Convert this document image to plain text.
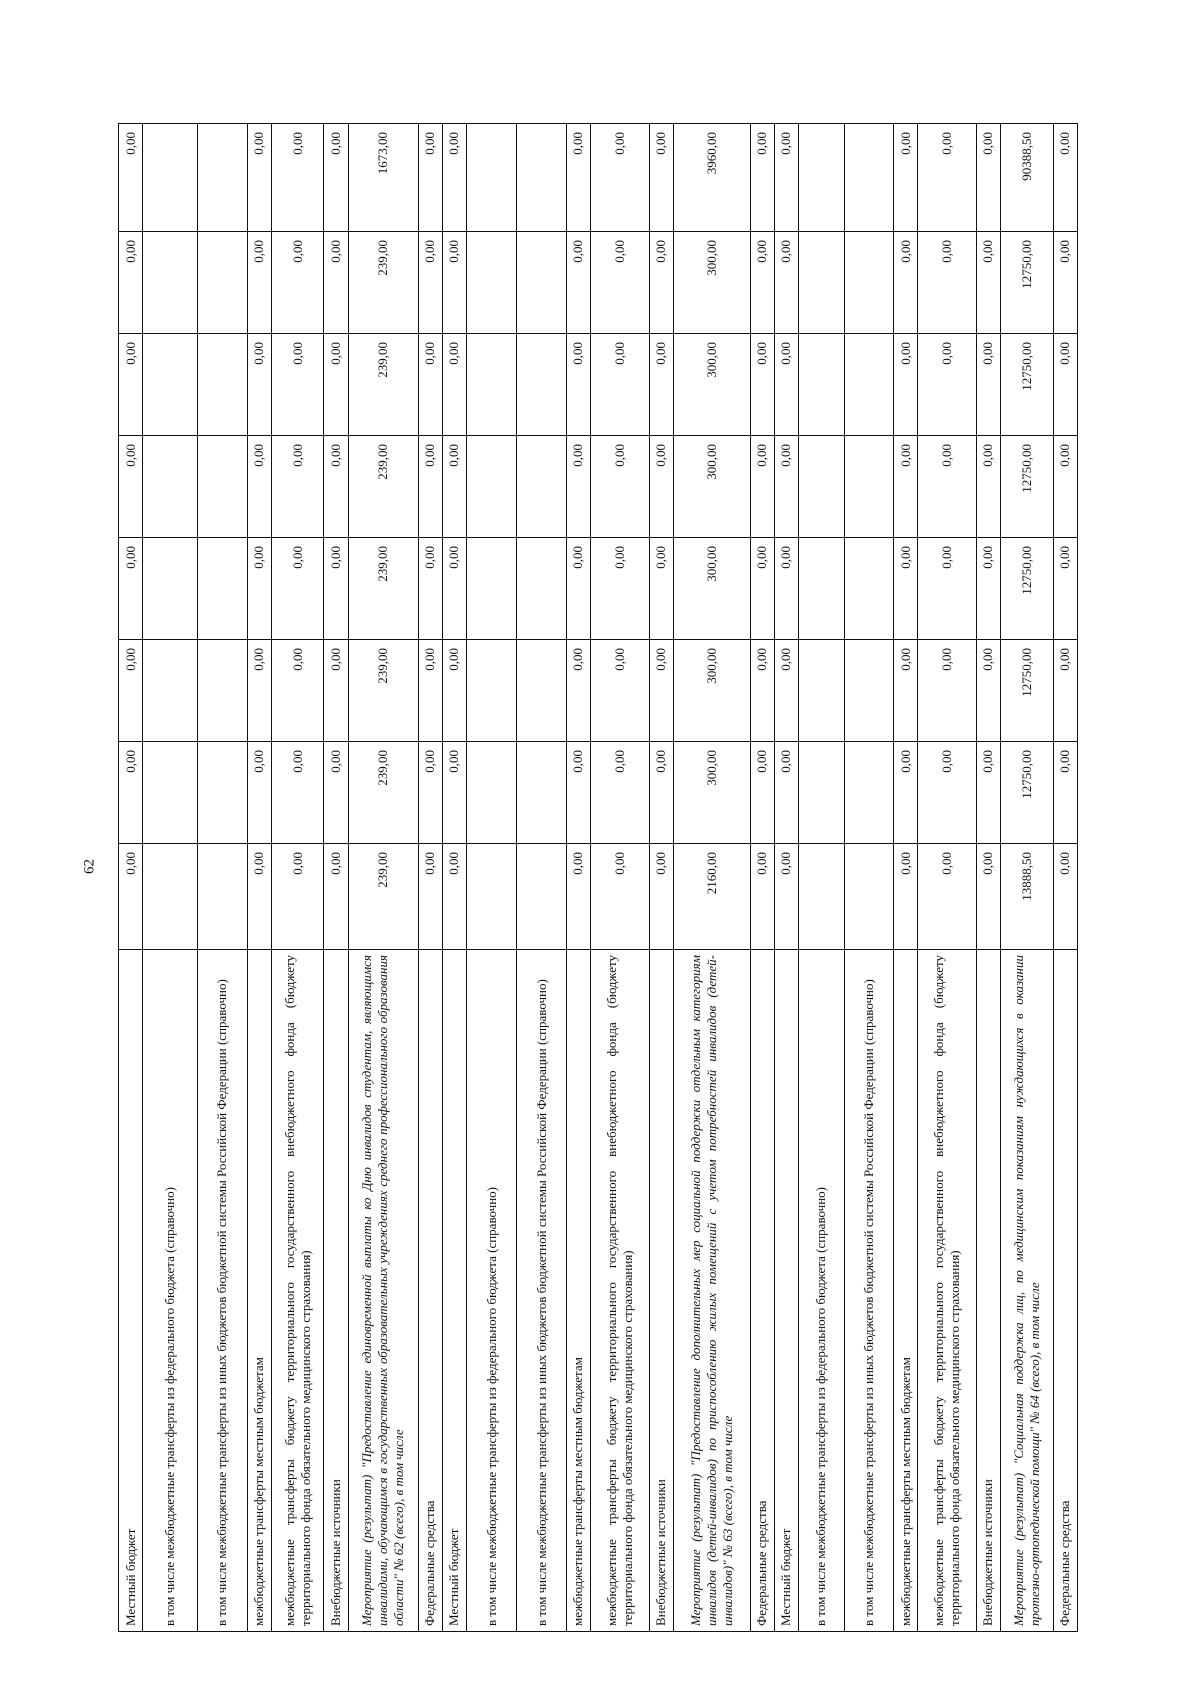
62
Местный бюджет	0,00	0,00	0,00	0,00	0,00	0,00	0,00	0,00
в том числе межбюджетные трансферты из федерального бюджета (справочно)								
в том числе межбюджетные трансферты из иных бюджетов бюджетной системы Российской Федерации (справочно)								
межбюджетные трансферты местным бюджетам	0,00	0,00	0,00	0,00	0,00	0,00	0,00	0,00
межбюджетные трансферты бюджету территориального государственного внебюджетного фонда (бюджету территориального фонда обязательного медицинского страхования)	0,00	0,00	0,00	0,00	0,00	0,00	0,00	0,00
Внебюджетные источники	0,00	0,00	0,00	0,00	0,00	0,00	0,00	0,00
Мероприятие (результат) "Предоставление единовременной выплаты ко Дню инвалидов студентам, являющимся инвалидами, обучающимся в государственных образовательных учреждениях среднего профессионального образования области" № 62 (всего), в том числе	239,00	239,00	239,00	239,00	239,00	239,00	239,00	1673,00
Федеральные средства	0,00	0,00	0,00	0,00	0,00	0,00	0,00	0,00
Местный бюджет	0,00	0,00	0,00	0,00	0,00	0,00	0,00	0,00
в том числе межбюджетные трансферты из федерального бюджета (справочно)								
в том числе межбюджетные трансферты из иных бюджетов бюджетной системы Российской Федерации (справочно)								
межбюджетные трансферты местным бюджетам	0,00	0,00	0,00	0,00	0,00	0,00	0,00	0,00
межбюджетные трансферты бюджету территориального государственного внебюджетного фонда (бюджету территориального фонда обязательного медицинского страхования)	0,00	0,00	0,00	0,00	0,00	0,00	0,00	0,00
Внебюджетные источники	0,00	0,00	0,00	0,00	0,00	0,00	0,00	0,00
Мероприятие (результат) "Предоставление дополнительных мер социальной поддержки отдельным категориям инвалидов (детей-инвалидов) по приспособлению жилых помещений с учетом потребностей инвалидов (детей-инвалидов)" № 63 (всего), в том числе	2160,00	300,00	300,00	300,00	300,00	300,00	300,00	3960,00
Федеральные средства	0,00	0,00	0,00	0,00	0,00	0,00	0,00	0,00
Местный бюджет	0,00	0,00	0,00	0,00	0,00	0,00	0,00	0,00
в том числе межбюджетные трансферты из федерального бюджета (справочно)								
в том числе межбюджетные трансферты из иных бюджетов бюджетной системы Российской Федерации (справочно)								
межбюджетные трансферты местным бюджетам	0,00	0,00	0,00	0,00	0,00	0,00	0,00	0,00
межбюджетные трансферты бюджету территориального государственного внебюджетного фонда (бюджету территориального фонда обязательного медицинского страхования)	0,00	0,00	0,00	0,00	0,00	0,00	0,00	0,00
Внебюджетные источники	0,00	0,00	0,00	0,00	0,00	0,00	0,00	0,00
Мероприятие (результат) "Социальная поддержка лиц, по медицинским показаниям нуждающихся в оказании протезно-ортопедической помощи" № 64 (всего), в том числе	13888,50	12750,00	12750,00	12750,00	12750,00	12750,00	12750,00	90388,50
Федеральные средства	0,00	0,00	0,00	0,00	0,00	0,00	0,00	0,00
